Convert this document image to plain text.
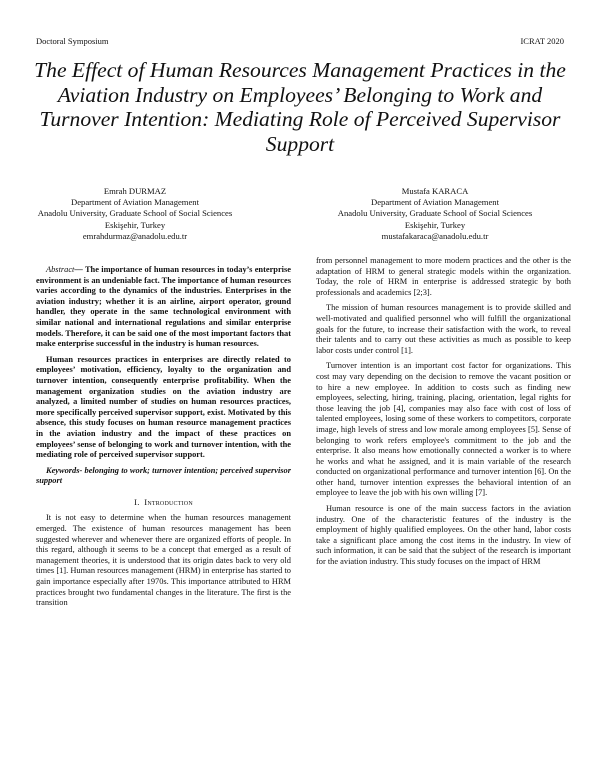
Doctoral Symposium	ICRAT 2020
The Effect of Human Resources Management Practices in the Aviation Industry on Employees’ Belonging to Work and Turnover Intention: Mediating Role of Perceived Supervisor Support
Emrah DURMAZ
Department of Aviation Management
Anadolu University, Graduate School of Social Sciences
Eskişehir, Turkey
emrahdurmaz@anadolu.edu.tr
Mustafa KARACA
Department of Aviation Management
Anadolu University, Graduate School of Social Sciences
Eskişehir, Turkey
mustafakaraca@anadolu.edu.tr

Abstract— The importance of human resources in today’s enterprise environment is an undeniable fact. The importance of human resources varies according to the dynamics of the industries. Enterprises in the aviation industry; whether it is an airline, airport operator, ground handler, they operate in the same technological environment with similar national and international regulations and similar enterprise models. Therefore, it can be said one of the most important factors that make enterprise successful in the industry is human resources.

Human resources practices in enterprises are directly related to employees’ motivation, efficiency, loyalty to the organization and turnover intention, consequently enterprise profitability. When the management organization studies on the aviation industry are analyzed, a limited number of studies on human resources practices, more specifically perceived supervisor support, exist. Motivated by this absence, this study focuses on human resource management practices in the aviation industry and the impact of these practices on employees’ sense of belonging to work and turnover intention, with the mediating role of perceived supervisor support.

Keywords- belonging to work; turnover intention; perceived supervisor support

I. Introduction

It is not easy to determine when the human resources management emerged. The existence of human resources management has been suggested wherever and whenever there are organized efforts of people. In this regard, although it seems to be a concept that emerged as a result of management theories, it is understood that its origin dates back to very old times [1]. Human resources management (HRM) in enterprise has started to gain importance especially after 1970s. This importance attributed to HRM practices brought two fundamental changes in the literature. The first is the transition

from personnel management to more modern practices and the other is the adaptation of HRM to general strategic models within the organization. Today, the role of HRM in enterprise is addressed strategic by both professionals and academics [2;3].

The mission of human resources management is to provide skilled and well-motivated and qualified personnel who will fulfill the organizational goals for the future, to increase their satisfaction with the work, to reveal their talents and to carry out these activities as much as possible to keep labor costs under control [1].

Turnover intention is an important cost factor for organizations. This cost may vary depending on the decision to remove the vacant position or to hire a new employee. In addition to costs such as finding new employees, selecting, hiring, training, placing, orientation, legal rights for those leaving the job [4], companies may also face with cost of loss of talented employees, losing some of these workers to competitors, corporate image, high levels of stress and low morale among employees [5]. Sense of belonging to work refers employee's commitment to the job and the enterprise. It also means how emotionally connected a worker is to where he works and what he assigned, and it is main variable of the research conducted on organizational performance and turnover intention [6]. On the other hand, turnover intention expresses the behavioral intention of an employee to leave the job with his own willing [7].

Human resource is one of the main success factors in the aviation industry. One of the characteristic features of the industry is the employment of highly qualified employees. On the other hand, labor costs take a significant place among the cost items in the industry. In view of such information, it can be said that the subject of the research is important for the aviation industry. This study focuses on the impact of HRM
